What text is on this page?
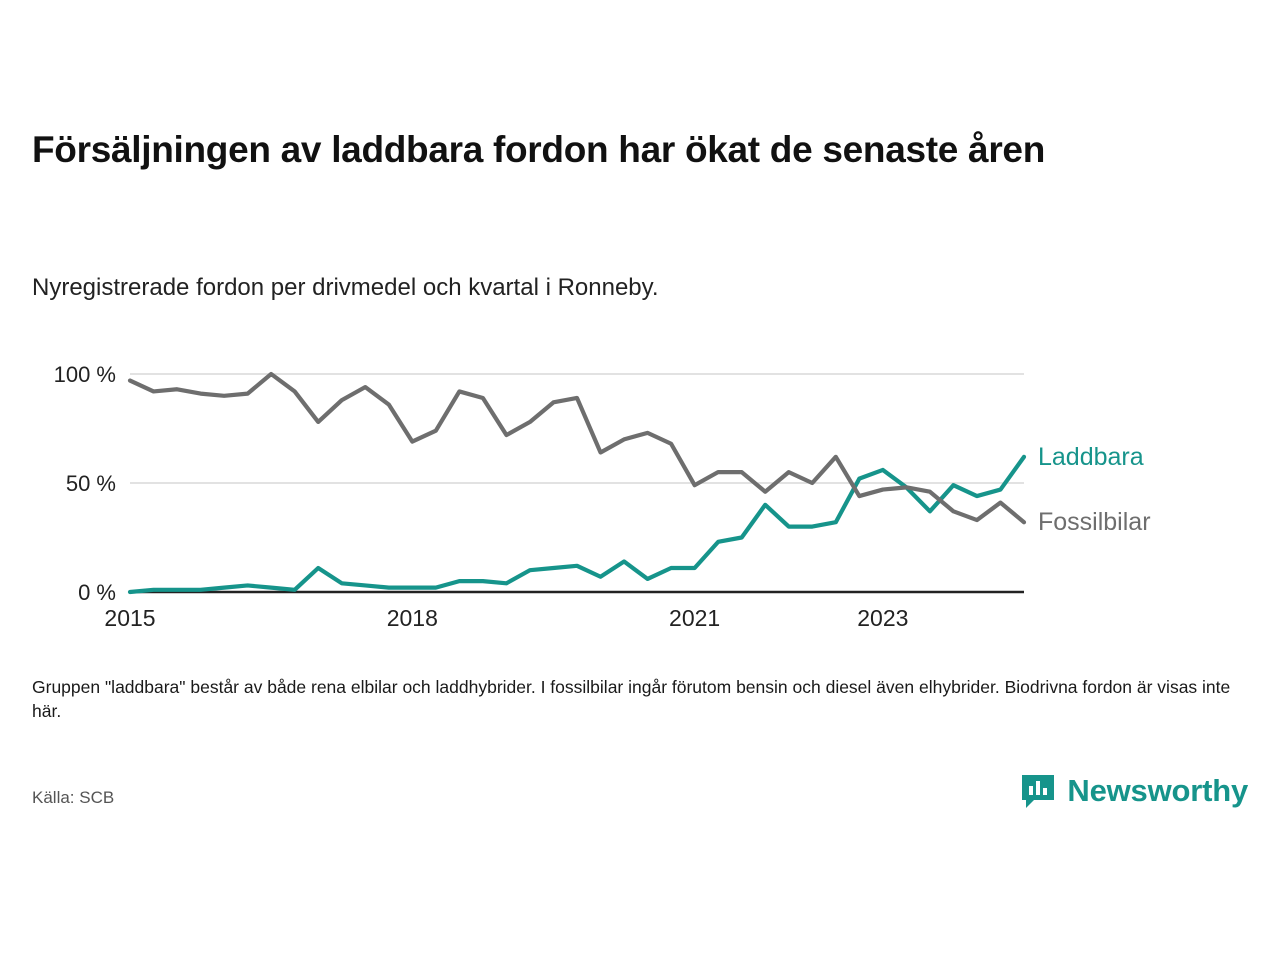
Försäljningen av laddbara fordon har ökat de senaste åren
Nyregistrerade fordon per drivmedel och kvartal i Ronneby.
0 %
50 %
100 %
2015	2018	2021	2023
Laddbara
Fossilbilar
Gruppen "laddbara" består av både rena elbilar och laddhybrider. I fossilbilar ingår förutom bensin och diesel även elhybrider. Biodrivna fordon är visas inte här.
Källa: SCB	Newsworthy
